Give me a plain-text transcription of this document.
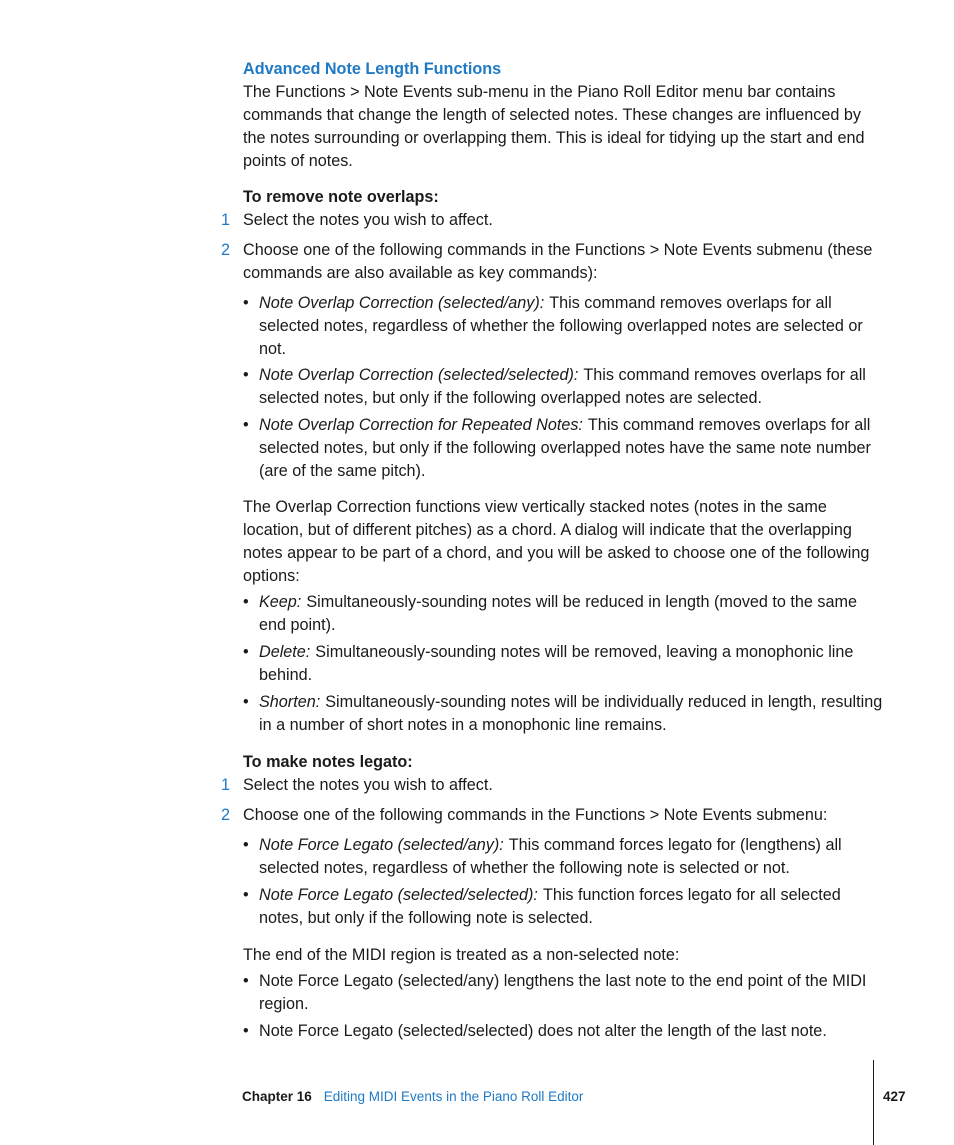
Advanced Note Length Functions

The Functions > Note Events sub-menu in the Piano Roll Editor menu bar contains commands that change the length of selected notes. These changes are influenced by the notes surrounding or overlapping them. This is ideal for tidying up the start and end points of notes.

To remove note overlaps:

1 Select the notes you wish to affect.
2 Choose one of the following commands in the Functions > Note Events submenu (these commands are also available as key commands):
• Note Overlap Correction (selected/any): This command removes overlaps for all selected notes, regardless of whether the following overlapped notes are selected or not.
• Note Overlap Correction (selected/selected): This command removes overlaps for all selected notes, but only if the following overlapped notes are selected.
• Note Overlap Correction for Repeated Notes: This command removes overlaps for all selected notes, but only if the following overlapped notes have the same note number (are of the same pitch).

The Overlap Correction functions view vertically stacked notes (notes in the same location, but of different pitches) as a chord. A dialog will indicate that the overlapping notes appear to be part of a chord, and you will be asked to choose one of the following options:

• Keep: Simultaneously-sounding notes will be reduced in length (moved to the same end point).
• Delete: Simultaneously-sounding notes will be removed, leaving a monophonic line behind.
• Shorten: Simultaneously-sounding notes will be individually reduced in length, resulting in a number of short notes in a monophonic line remains.

To make notes legato:

1 Select the notes you wish to affect.
2 Choose one of the following commands in the Functions > Note Events submenu:
• Note Force Legato (selected/any): This command forces legato for (lengthens) all selected notes, regardless of whether the following note is selected or not.
• Note Force Legato (selected/selected): This function forces legato for all selected notes, but only if the following note is selected.

The end of the MIDI region is treated as a non-selected note:

• Note Force Legato (selected/any) lengthens the last note to the end point of the MIDI region.
• Note Force Legato (selected/selected) does not alter the length of the last note.
Chapter 16 Editing MIDI Events in the Piano Roll Editor	427
